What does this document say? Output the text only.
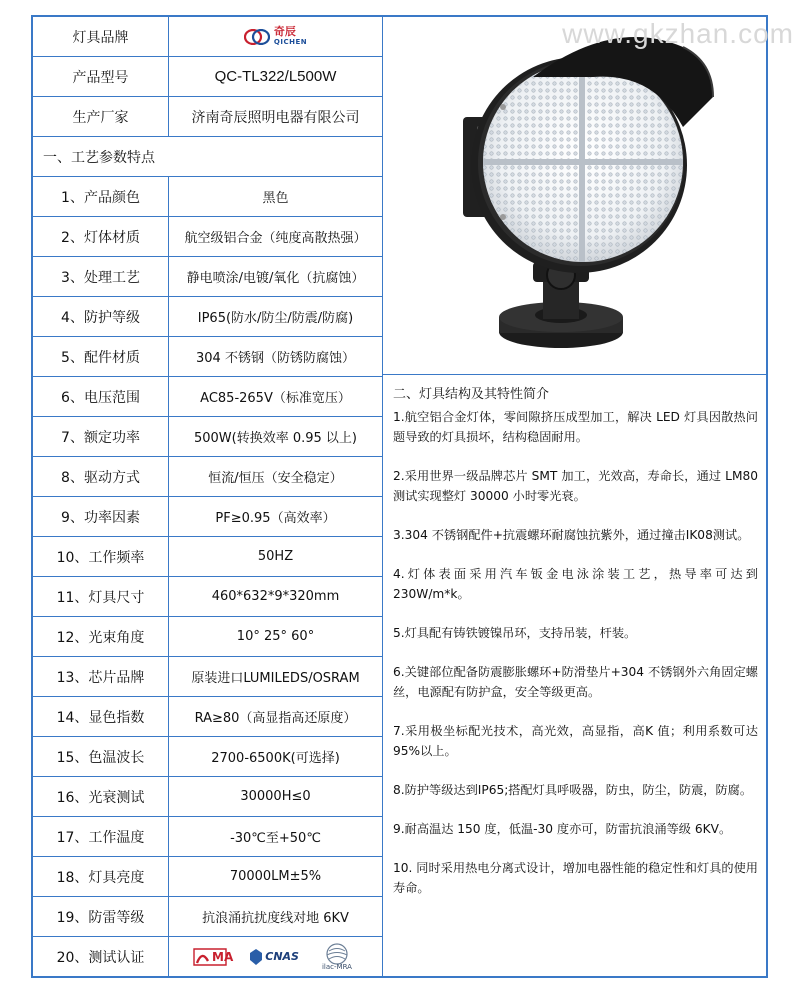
灯具品牌	奇辰
QICHEN
产品型号	QC-TL322/L500W
生产厂家	济南奇辰照明电器有限公司
一、工艺参数特点
1、产品颜色	黑色
2、灯体材质	航空级铝合金（纯度高散热强）
3、处理工艺	静电喷涂/电镀/氧化（抗腐蚀）
4、防护等级	IP65(防水/防尘/防震/防腐)
5、配件材质	304 不锈钢（防锈防腐蚀）
6、电压范围	AC85-265V（标准宽压）
7、额定功率	500W(转换效率 0.95 以上)
8、驱动方式	恒流/恒压（安全稳定）
9、功率因素	PF≥0.95（高效率）
10、工作频率	50HZ
11、灯具尺寸	460*632*9*320mm
12、光束角度	10° 25° 60°
13、芯片品牌	原装进口LUMILEDS/OSRAM
14、显色指数	RA≥80（高显指高还原度）
15、色温波长	2700-6500K(可选择)
16、光衰测试	30000H≤0
17、工作温度	-30℃至+50℃
18、灯具亮度	70000LM±5%
19、防雷等级	抗浪涌抗扰度线对地 6KV
20、测试认证	MA	CNAS
ilac-MRA
二、灯具结构及其特性简介

1.航空铝合金灯体，零间隙挤压成型加工，解决 LED 灯具因散热问题导致的灯具损坏，结构稳固耐用。

2.采用世界一级品牌芯片 SMT 加工，光效高，寿命长，通过 LM80 测试实现整灯 30000 小时零光衰。

3.304 不锈钢配件+抗震螺环耐腐蚀抗紫外，通过撞击IK08测试。

4.灯体表面采用汽车钣金电泳涂装工艺，热导率可达到230W/m*k。

5.灯具配有铸铁镀镍吊环，支持吊装，杆装。

6.关键部位配备防震膨胀螺环+防滑垫片+304 不锈钢外六角固定螺丝，电源配有防护盒，安全等级更高。

7.采用极坐标配光技术，高光效，高显指，高K 值；利用系数可达 95%以上。

8.防护等级达到IP65;搭配灯具呼吸器，防虫，防尘，防震，防腐。

9.耐高温达 150 度，低温-30 度亦可，防雷抗浪涌等级 6KV。

10. 同时采用热电分离式设计，增加电器性能的稳定性和灯具的使用寿命。

www.gkzhan.com
